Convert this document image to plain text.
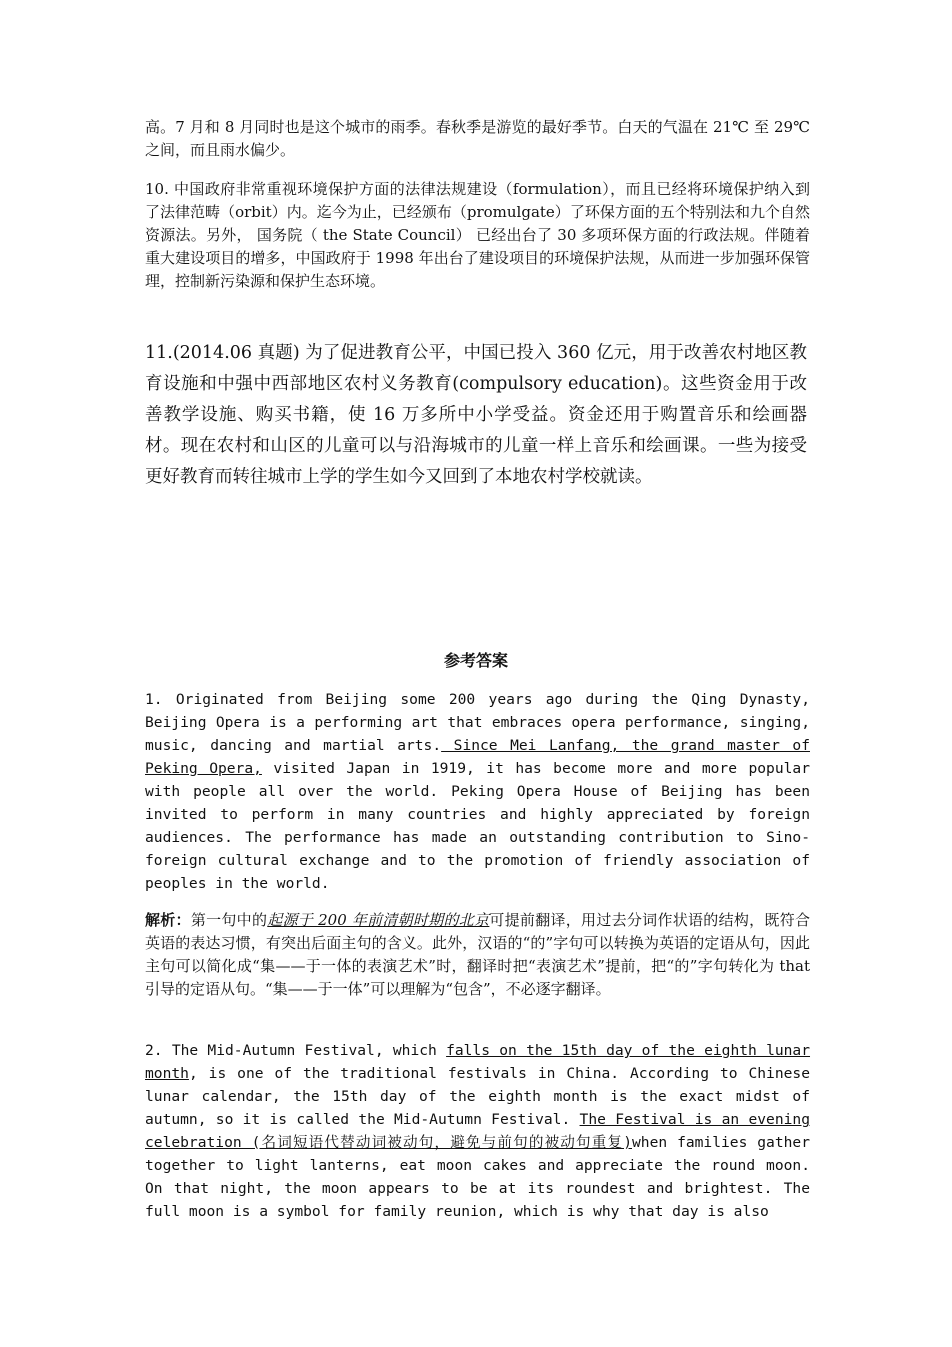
高。7 月和 8 月同时也是这个城市的雨季。春秋季是游览的最好季节。白天的气温在 21℃ 至 29℃之间，而且雨水偏少。

10. 中国政府非常重视环境保护方面的法律法规建设（formulation），而且已经将环境保护纳入到了法律范畴（orbit）内。迄今为止，已经颁布（promulgate）了环保方面的五个特别法和九个自然资源法。另外， 国务院（ the State Council） 已经出台了 30 多项环保方面的行政法规。伴随着重大建设项目的增多，中国政府于 1998 年出台了建设项目的环境保护法规，从而进一步加强环保管理，控制新污染源和保护生态环境。

11.(2014.06 真题) 为了促进教育公平，中国已投入 360 亿元，用于改善农村地区教育设施和中强中西部地区农村义务教育(compulsory education)。这些资金用于改善教学设施、购买书籍，使 16 万多所中小学受益。资金还用于购置音乐和绘画器材。现在农村和山区的儿童可以与沿海城市的儿童一样上音乐和绘画课。一些为接受更好教育而转往城市上学的学生如今又回到了本地农村学校就读。

参考答案

1. Originated from Beijing some 200 years ago during the Qing Dynasty, Beijing Opera is a performing art that embraces opera performance, singing, music, dancing and martial arts. Since Mei Lanfang, the grand master of Peking Opera, visited Japan in 1919, it has become more and more popular with people all over the world. Peking Opera House of Beijing has been invited to perform in many countries and highly appreciated by foreign audiences. The performance has made an outstanding contribution to Sino-foreign cultural exchange and to the promotion of friendly association of peoples in the world.

解析：第一句中的起源于 200 年前清朝时期的北京可提前翻译，用过去分词作状语的结构，既符合英语的表达习惯，有突出后面主句的含义。此外，汉语的“的”字句可以转换为英语的定语从句，因此主句可以简化成“集——于一体的表演艺术”时，翻译时把“表演艺术”提前，把“的”字句转化为 that 引导的定语从句。“集——于一体”可以理解为“包含”，不必逐字翻译。

2. The Mid-Autumn Festival, which falls on the 15th day of the eighth lunar month, is one of the traditional festivals in China. According to Chinese lunar calendar, the 15th day of the eighth month is the exact midst of autumn, so it is called the Mid-Autumn Festival. The Festival is an evening celebration (名词短语代替动词被动句，避免与前句的被动句重复)when families gather together to light lanterns, eat moon cakes and appreciate the round moon. On that night, the moon appears to be at its roundest and brightest. The full moon is a symbol for family reunion, which is why that day is also
